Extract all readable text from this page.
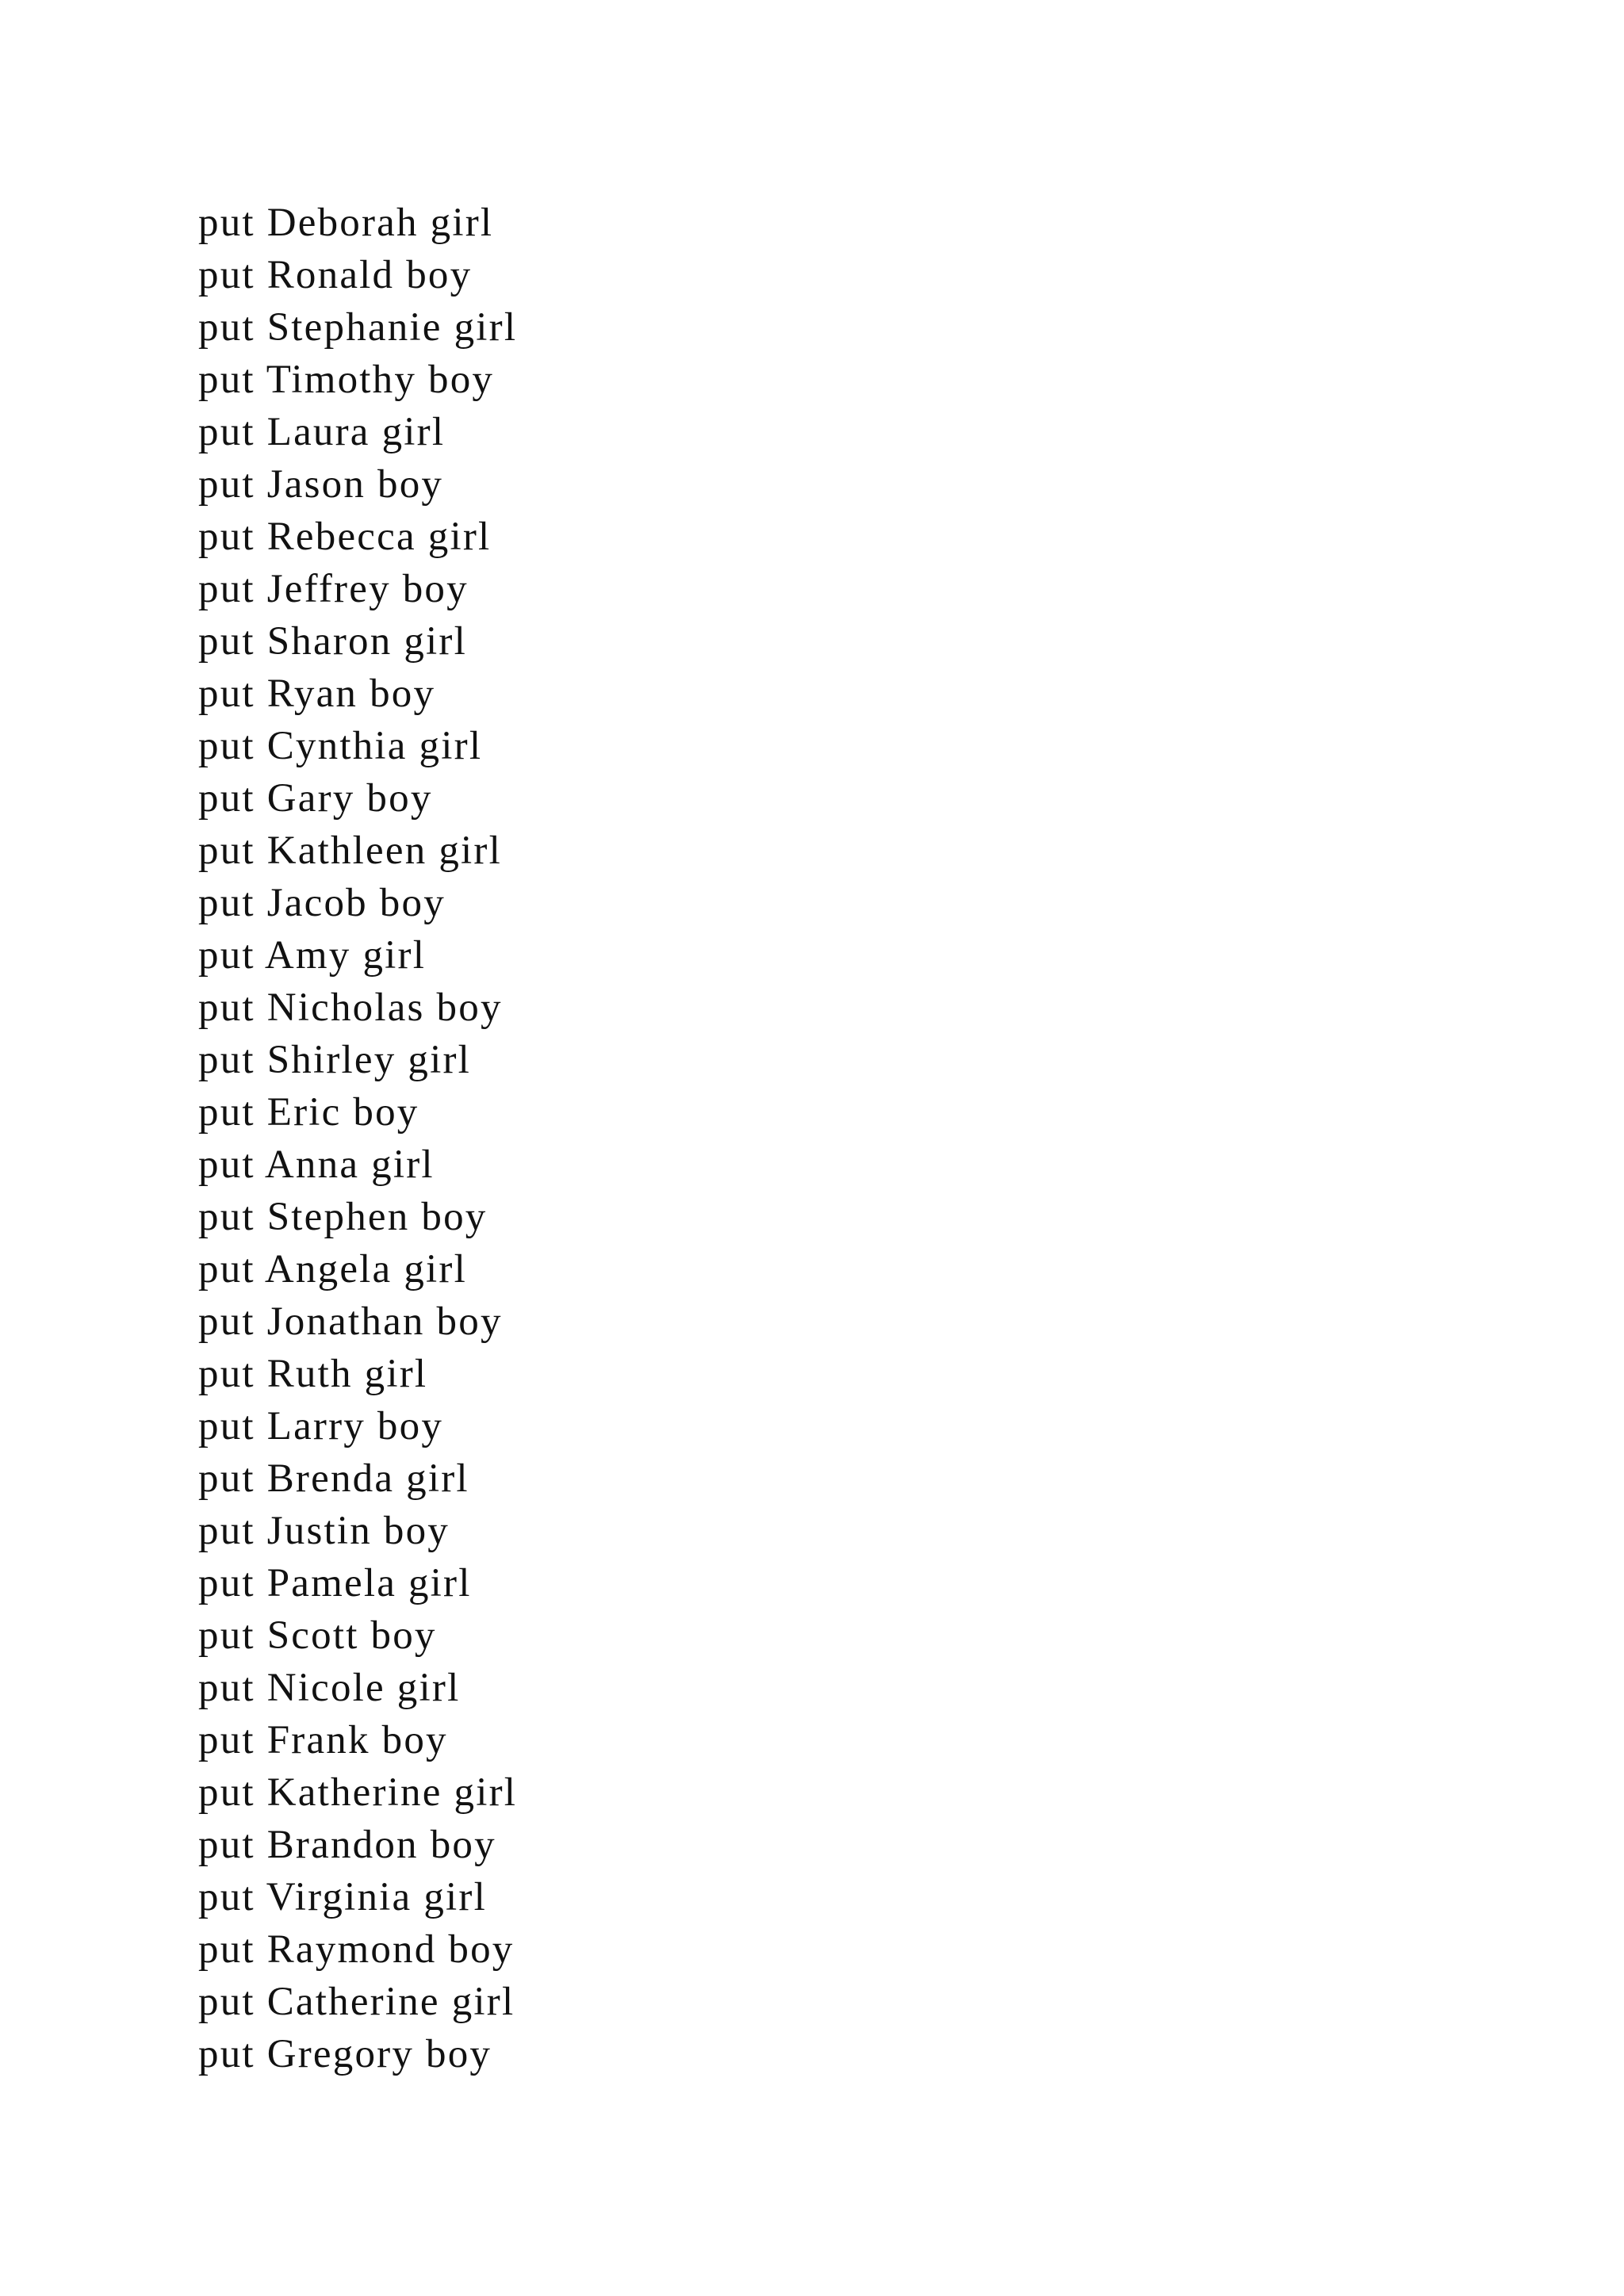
put Deborah girl
put Ronald boy
put Stephanie girl
put Timothy boy
put Laura girl
put Jason boy
put Rebecca girl
put Jeffrey boy
put Sharon girl
put Ryan boy
put Cynthia girl
put Gary boy
put Kathleen girl
put Jacob boy
put Amy girl
put Nicholas boy
put Shirley girl
put Eric boy
put Anna girl
put Stephen boy
put Angela girl
put Jonathan boy
put Ruth girl
put Larry boy
put Brenda girl
put Justin boy
put Pamela girl
put Scott boy
put Nicole girl
put Frank boy
put Katherine girl
put Brandon boy
put Virginia girl
put Raymond boy
put Catherine girl
put Gregory boy
